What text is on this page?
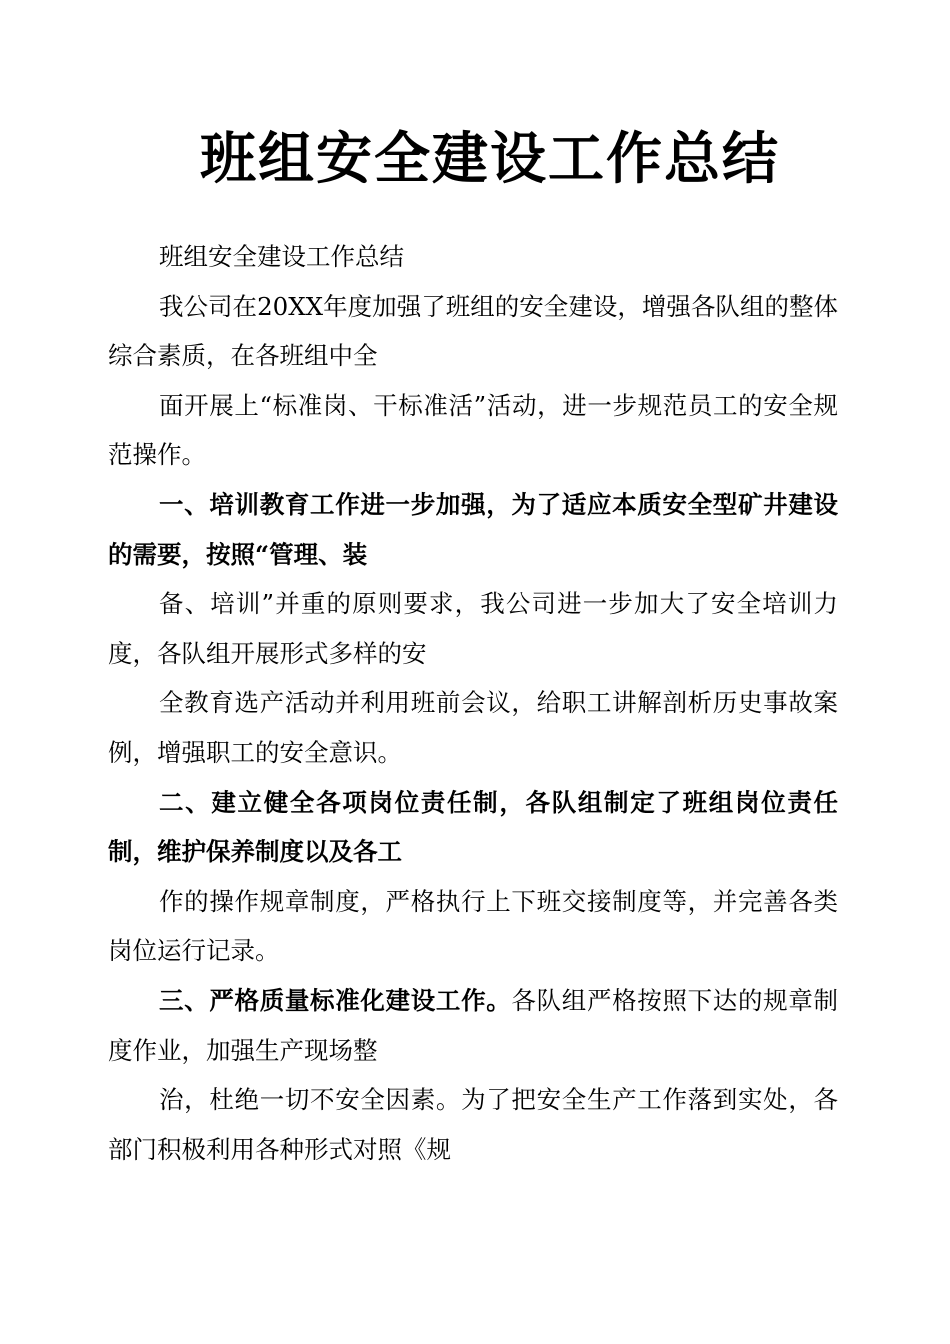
班组安全建设工作总结

班组安全建设工作总结

我公司在20XX年度加强了班组的安全建设，增强各队组的整体综合素质，在各班组中全

面开展上“标准岗、干标准活”活动，进一步规范员工的安全规范操作。

一、培训教育工作进一步加强，为了适应本质安全型矿井建设的需要，按照“管理、装

备、培训”并重的原则要求，我公司进一步加大了安全培训力度，各队组开展形式多样的安

全教育选产活动并利用班前会议，给职工讲解剖析历史事故案例，增强职工的安全意识。

二、建立健全各项岗位责任制，各队组制定了班组岗位责任制，维护保养制度以及各工

作的操作规章制度，严格执行上下班交接制度等，并完善各类岗位运行记录。

三、严格质量标准化建设工作。各队组严格按照下达的规章制度作业，加强生产现场整

治，杜绝一切不安全因素。为了把安全生产工作落到实处，各部门积极利用各种形式对照《规
